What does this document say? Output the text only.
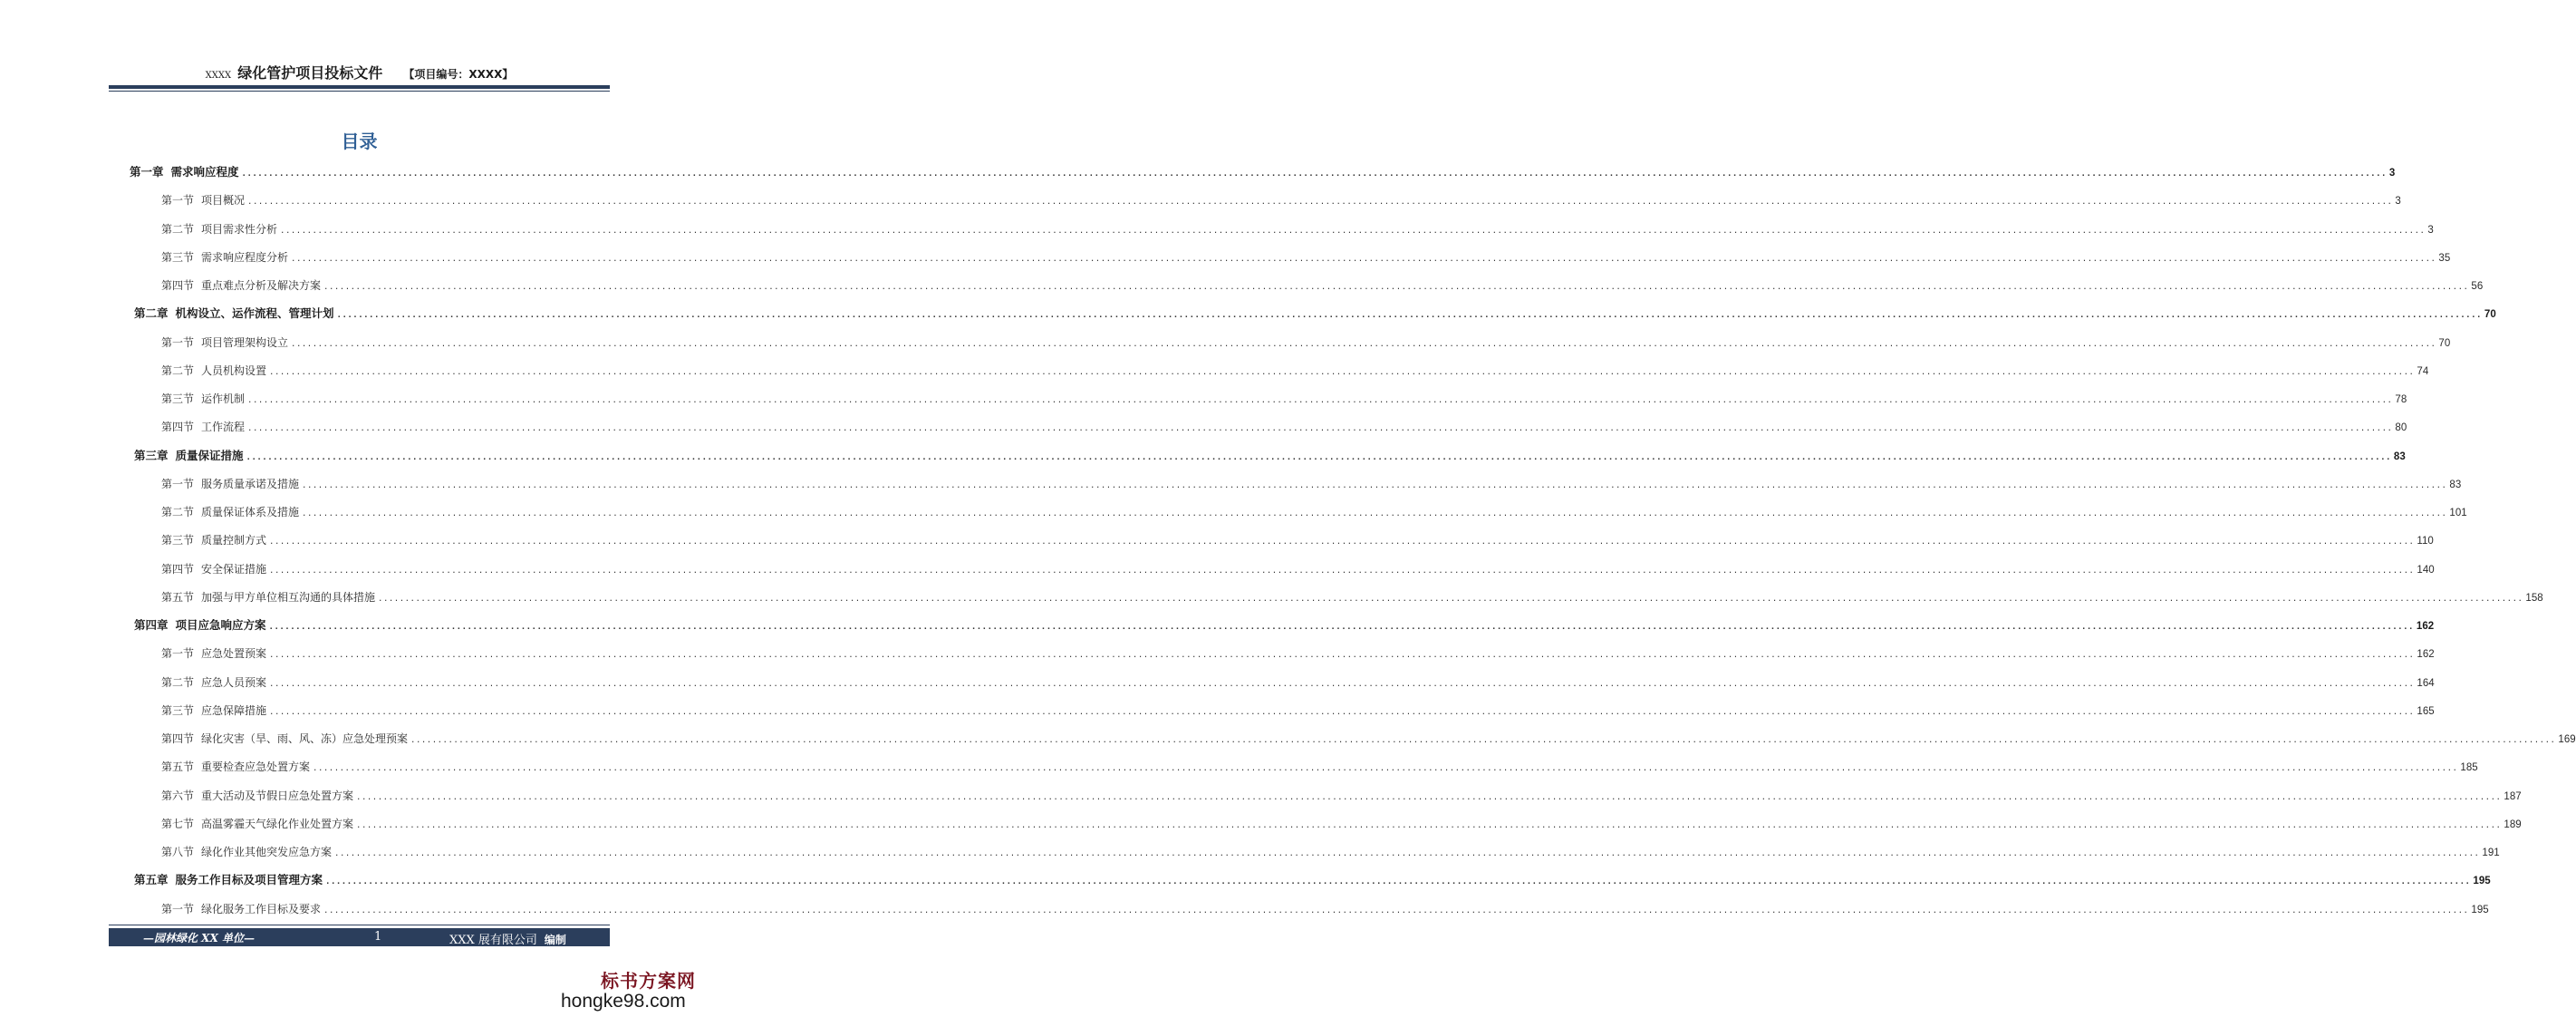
XXXX 绿化管护项目投标文件 【项目编号：XXXX】
目录
第一章 需求响应程度 ................................................................................................................................................................................................................................................................................................................................................................................................................ 3
第一节 项目概况 ................................................................................................................................................................................................................................................................................................................................................................................................................ 3
第二节 项目需求性分析 ................................................................................................................................................................................................................................................................................................................................................................................................................ 3
第三节 需求响应程度分析 ................................................................................................................................................................................................................................................................................................................................................................................................................ 35
第四节 重点难点分析及解决方案 ................................................................................................................................................................................................................................................................................................................................................................................................................ 56
第二章 机构设立、运作流程、管理计划 ................................................................................................................................................................................................................................................................................................................................................................................................................ 70
第一节 项目管理架构设立 ................................................................................................................................................................................................................................................................................................................................................................................................................ 70
第二节 人员机构设置 ................................................................................................................................................................................................................................................................................................................................................................................................................ 74
第三节 运作机制 ................................................................................................................................................................................................................................................................................................................................................................................................................ 78
第四节 工作流程 ................................................................................................................................................................................................................................................................................................................................................................................................................ 80
第三章 质量保证措施 ................................................................................................................................................................................................................................................................................................................................................................................................................ 83
第一节 服务质量承诺及措施 ................................................................................................................................................................................................................................................................................................................................................................................................................ 83
第二节 质量保证体系及措施 ................................................................................................................................................................................................................................................................................................................................................................................................................ 101
第三节 质量控制方式 ................................................................................................................................................................................................................................................................................................................................................................................................................ 110
第四节 安全保证措施 ................................................................................................................................................................................................................................................................................................................................................................................................................ 140
第五节 加强与甲方单位相互沟通的具体措施 ................................................................................................................................................................................................................................................................................................................................................................................................................ 158
第四章 项目应急响应方案 ................................................................................................................................................................................................................................................................................................................................................................................................................ 162
第一节 应急处置预案 ................................................................................................................................................................................................................................................................................................................................................................................................................ 162
第二节 应急人员预案 ................................................................................................................................................................................................................................................................................................................................................................................................................ 164
第三节 应急保障措施 ................................................................................................................................................................................................................................................................................................................................................................................................................ 165
第四节 绿化灾害（旱、雨、风、冻）应急处理预案 ................................................................................................................................................................................................................................................................................................................................................................................................................ 169
第五节 重要检查应急处置方案 ................................................................................................................................................................................................................................................................................................................................................................................................................ 185
第六节 重大活动及节假日应急处置方案 ................................................................................................................................................................................................................................................................................................................................................................................................................ 187
第七节 高温雾霾天气绿化作业处置方案 ................................................................................................................................................................................................................................................................................................................................................................................................................ 189
第八节 绿化作业其他突发应急方案 ................................................................................................................................................................................................................................................................................................................................................................................................................ 191
第五章 服务工作目标及项目管理方案 ................................................................................................................................................................................................................................................................................................................................................................................................................ 195
第一节 绿化服务工作目标及要求 ................................................................................................................................................................................................................................................................................................................................................................................................................ 195
—园林绿化 XX 单位—	1	XXX 展有限公司 编制
标书方案网
hongke98.com
